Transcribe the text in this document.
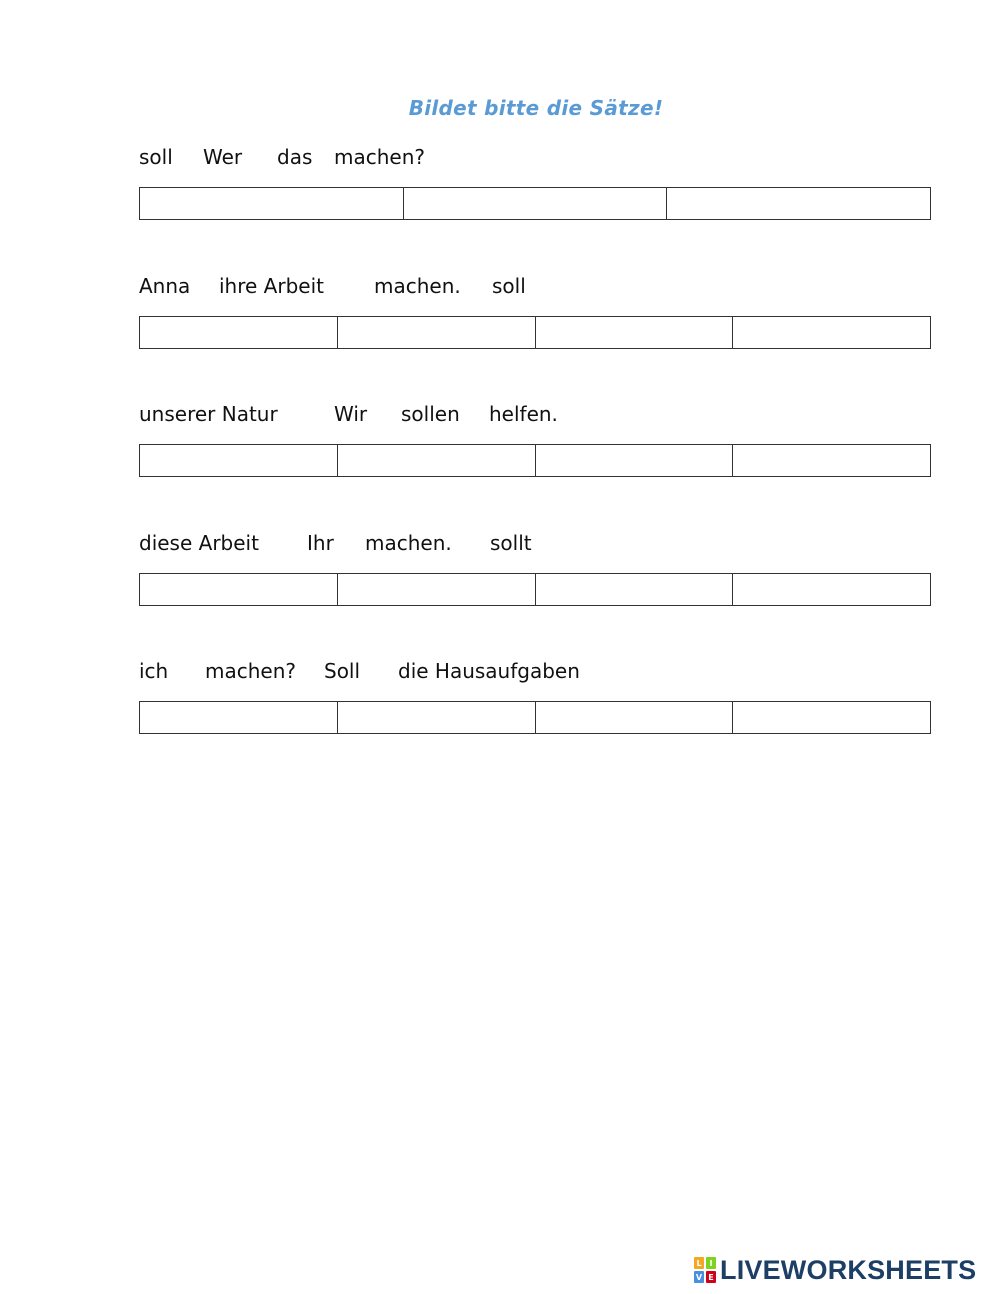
Bildet bitte die Sätze!
soll Wer das machen?
Anna ihre Arbeit	machen. soll
unserer Natur	Wir sollen helfen.
diese Arbeit Ihr machen. sollt
ich machen? Soll die Hausaufgaben
L I
V E LIVEWORKSHEETS
